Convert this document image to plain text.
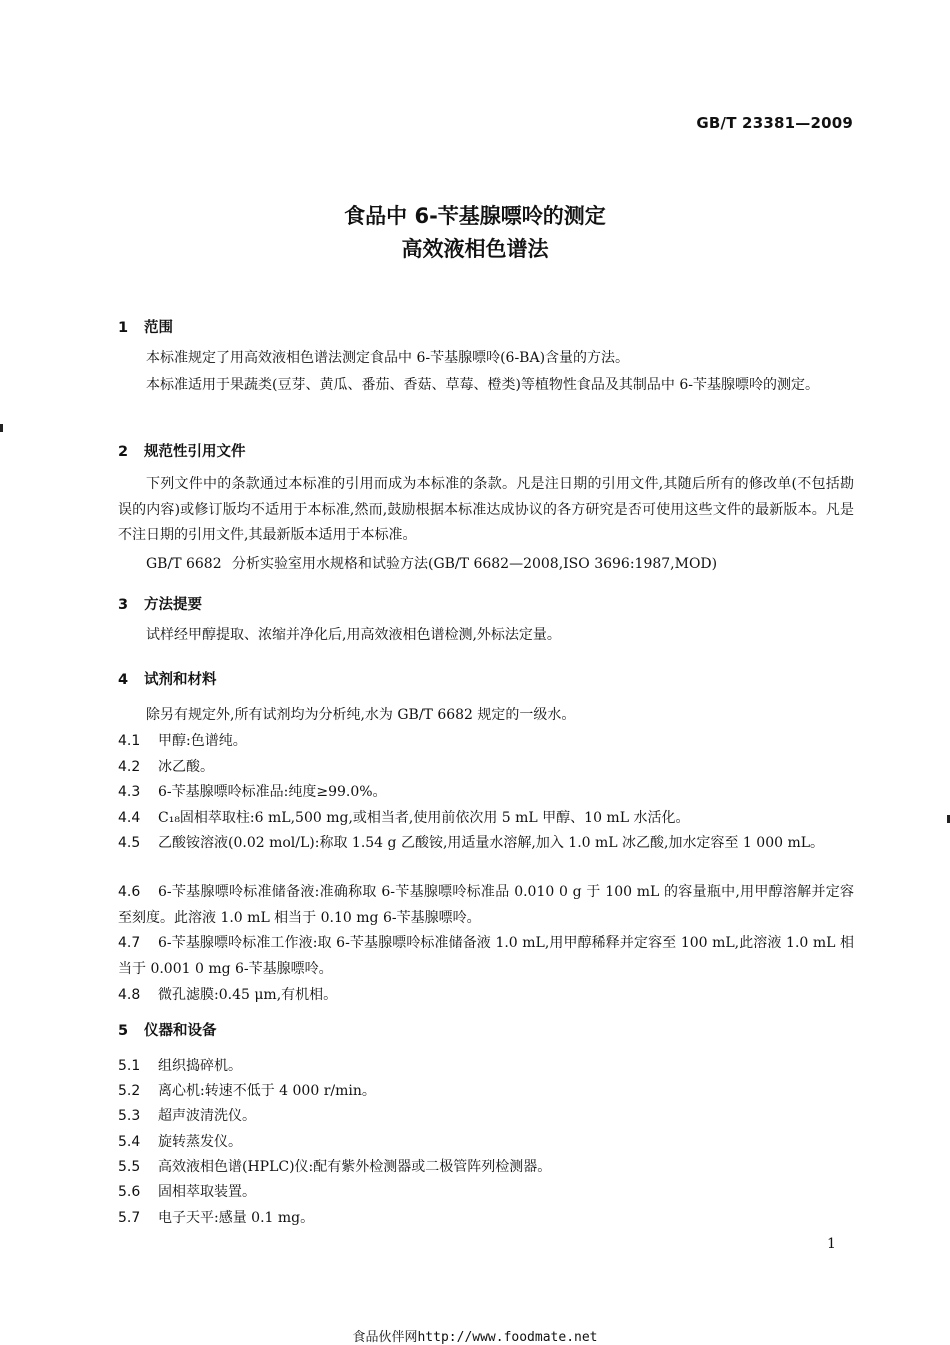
GB/T 23381—2009
食品中 6-苄基腺嘌呤的测定
高效液相色谱法
1 范围
本标准规定了用高效液相色谱法测定食品中 6-苄基腺嘌呤(6-BA)含量的方法。
本标准适用于果蔬类(豆芽、黄瓜、番茄、香菇、草莓、橙类)等植物性食品及其制品中 6-苄基腺嘌呤的测定。
2 规范性引用文件
下列文件中的条款通过本标准的引用而成为本标准的条款。凡是注日期的引用文件,其随后所有的修改单(不包括勘误的内容)或修订版均不适用于本标准,然而,鼓励根据本标准达成协议的各方研究是否可使用这些文件的最新版本。凡是不注日期的引用文件,其最新版本适用于本标准。
GB/T 6682 分析实验室用水规格和试验方法(GB/T 6682—2008,ISO 3696:1987,MOD)
3 方法提要
试样经甲醇提取、浓缩并净化后,用高效液相色谱检测,外标法定量。
4 试剂和材料
除另有规定外,所有试剂均为分析纯,水为 GB/T 6682 规定的一级水。
4.1 甲醇:色谱纯。
4.2 冰乙酸。
4.3 6-苄基腺嘌呤标准品:纯度≥99.0%。
4.4 C₁₈固相萃取柱:6 mL,500 mg,或相当者,使用前依次用 5 mL 甲醇、10 mL 水活化。
4.5 乙酸铵溶液(0.02 mol/L):称取 1.54 g 乙酸铵,用适量水溶解,加入 1.0 mL 冰乙酸,加水定容至 1 000 mL。
4.6 6-苄基腺嘌呤标准储备液:准确称取 6-苄基腺嘌呤标准品 0.010 0 g 于 100 mL 的容量瓶中,用甲醇溶解并定容至刻度。此溶液 1.0 mL 相当于 0.10 mg 6-苄基腺嘌呤。
4.7 6-苄基腺嘌呤标准工作液:取 6-苄基腺嘌呤标准储备液 1.0 mL,用甲醇稀释并定容至 100 mL,此溶液 1.0 mL 相当于 0.001 0 mg 6-苄基腺嘌呤。
4.8 微孔滤膜:0.45 μm,有机相。
5 仪器和设备
5.1 组织捣碎机。
5.2 离心机:转速不低于 4 000 r/min。
5.3 超声波清洗仪。
5.4 旋转蒸发仪。
5.5 高效液相色谱(HPLC)仪:配有紫外检测器或二极管阵列检测器。
5.6 固相萃取装置。
5.7 电子天平:感量 0.1 mg。
1
食品伙伴网http://www.foodmate.net
